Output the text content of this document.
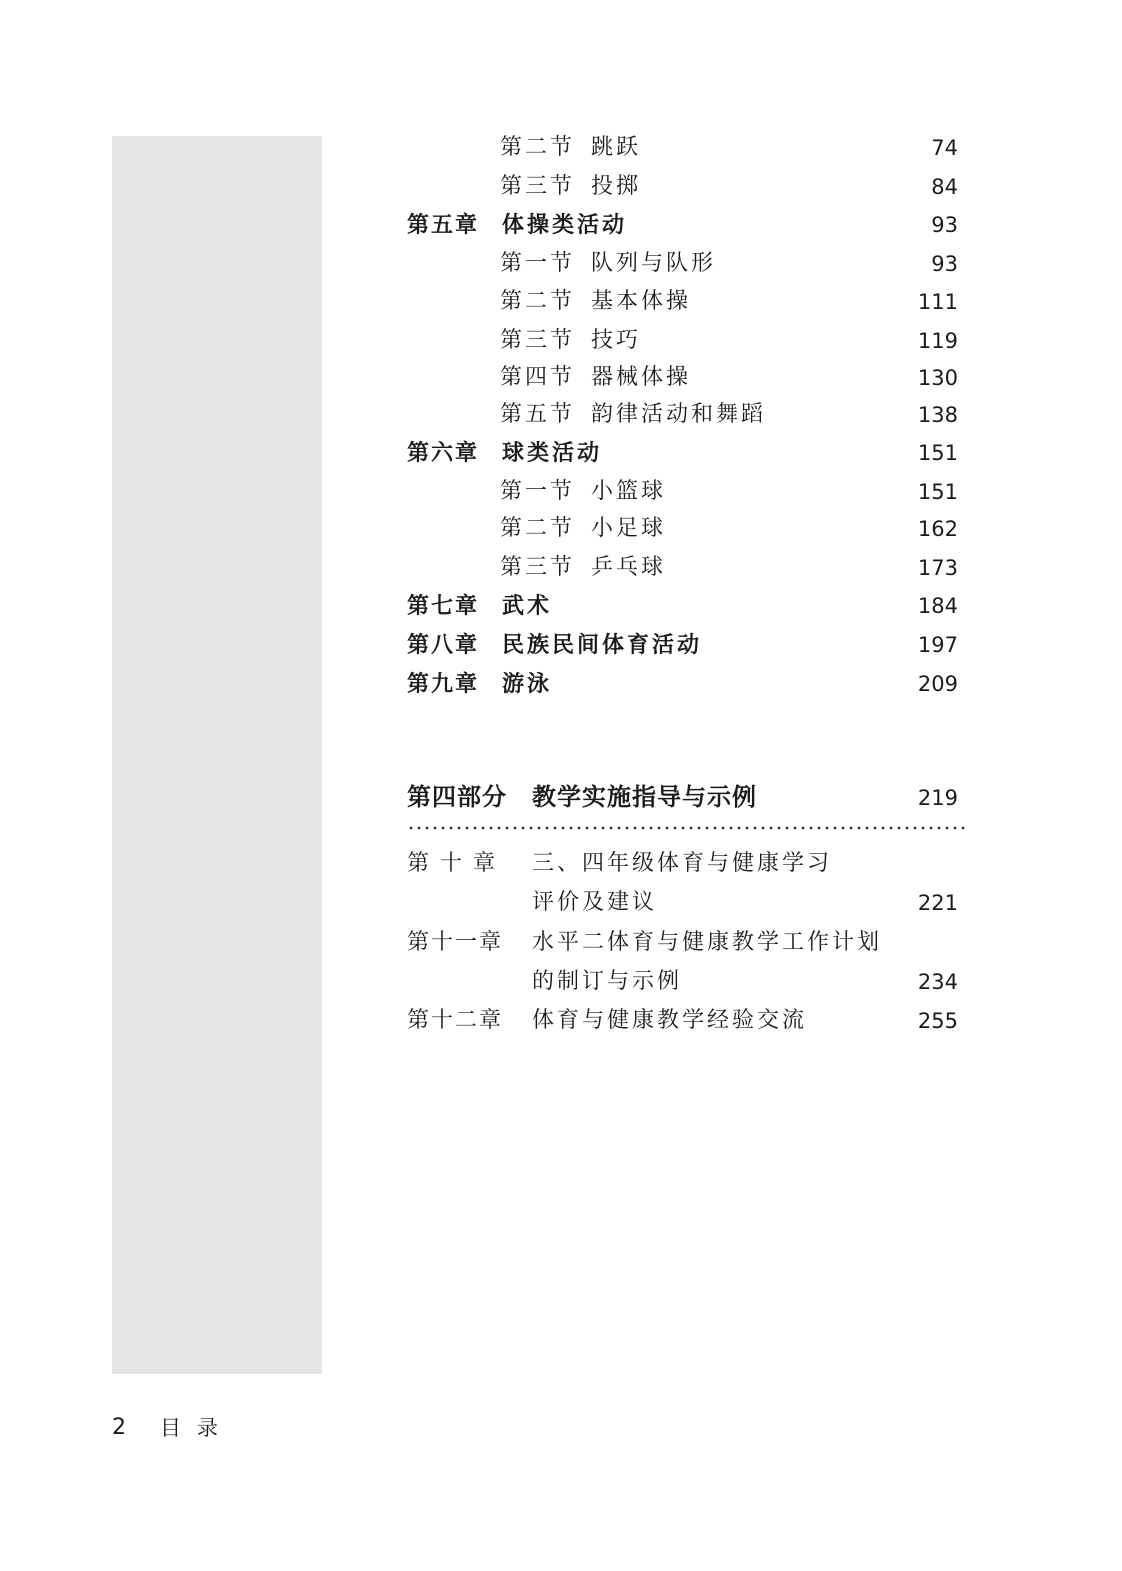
第二节 跳跃	74
第三节 投掷	84
第五章 体操类活动	93
第一节 队列与队形	93
第二节 基本体操	111
第三节 技巧	119
第四节 器械体操	130
第五节 韵律活动和舞蹈	138
第六章 球类活动	151
第一节 小篮球	151
第二节 小足球	162
第三节 乒乓球	173
第七章 武术	184
第八章 民族民间体育活动	197
第九章 游泳	209
第四部分 教学实施指导与示例	219
第 十 章 三、四年级体育与健康学习
评价及建议	221
第十一章 水平二体育与健康教学工作计划
的制订与示例	234
第十二章 体育与健康教学经验交流	255
2 目录
